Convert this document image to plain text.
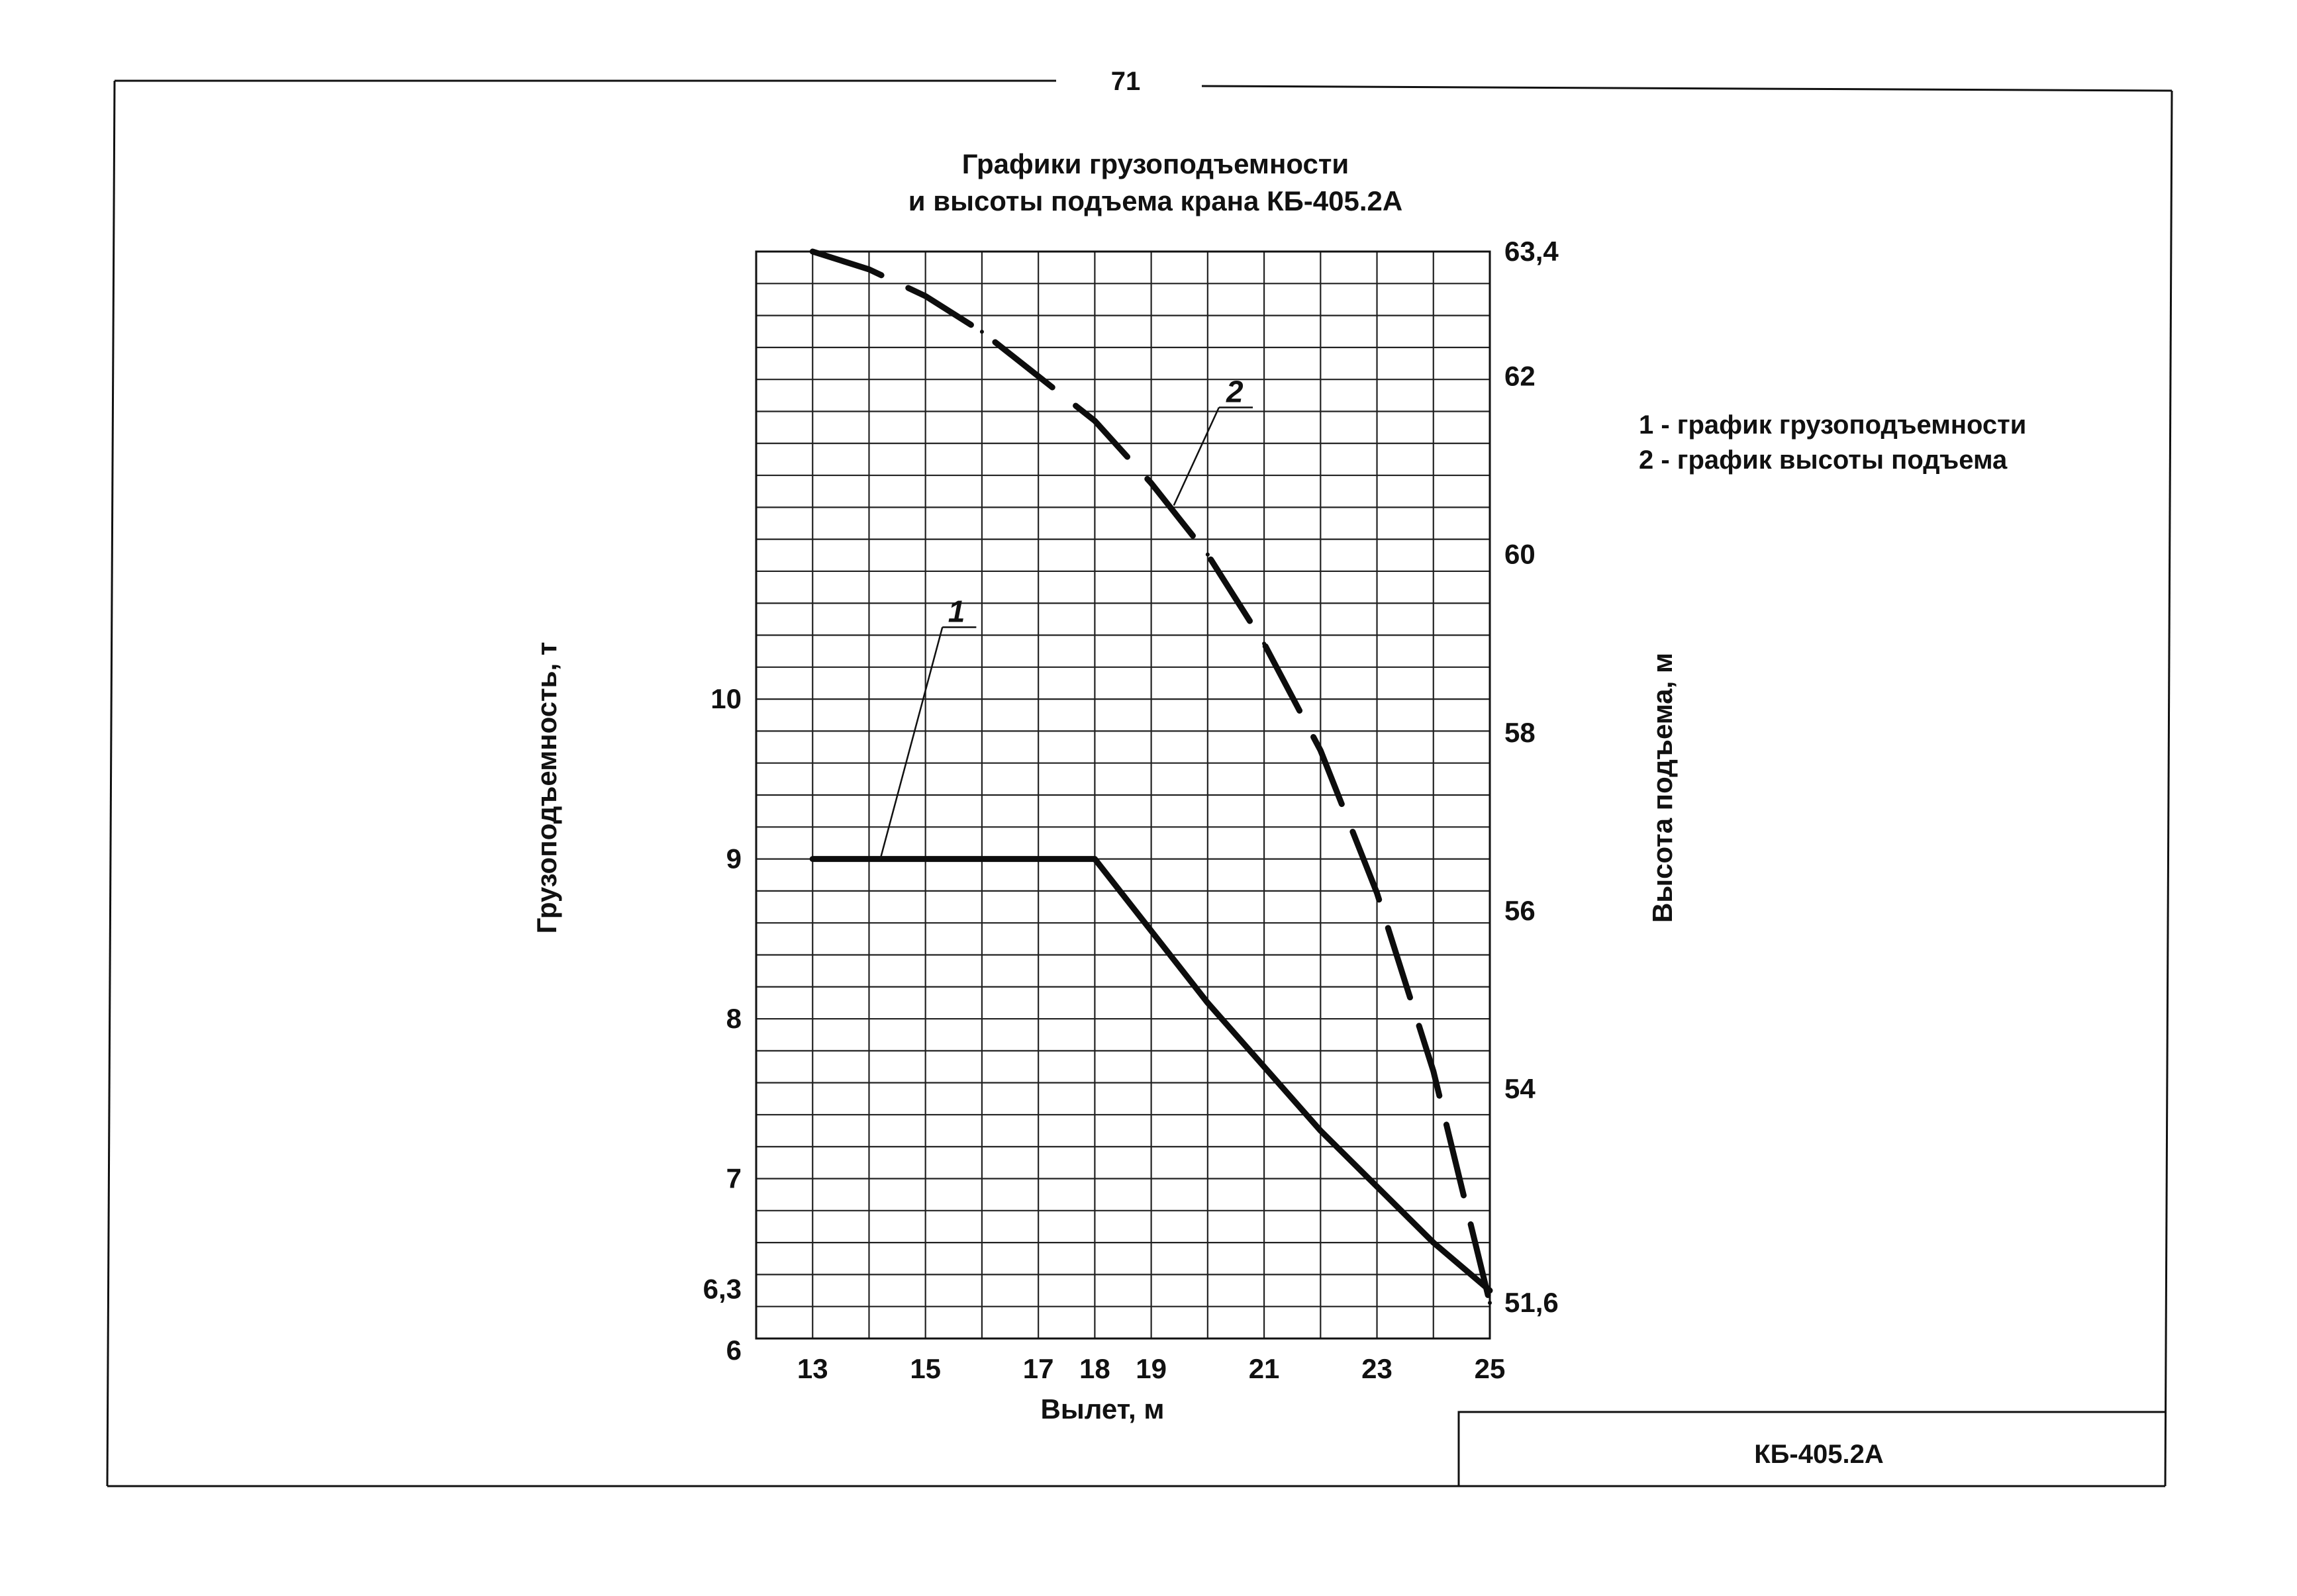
71
КБ-405.2А
Графики грузоподъемности
и высоты подъема крана КБ-405.2А
1
2
13	15	17 18 19	21	23	25
6
6,3
7
8
9
10
51,6
54
56
58
60
62
63,4
Вылет, м
Грузоподъемность, т	Высота подъема, м
1 - график грузоподъемности
2 - график высоты подъема
